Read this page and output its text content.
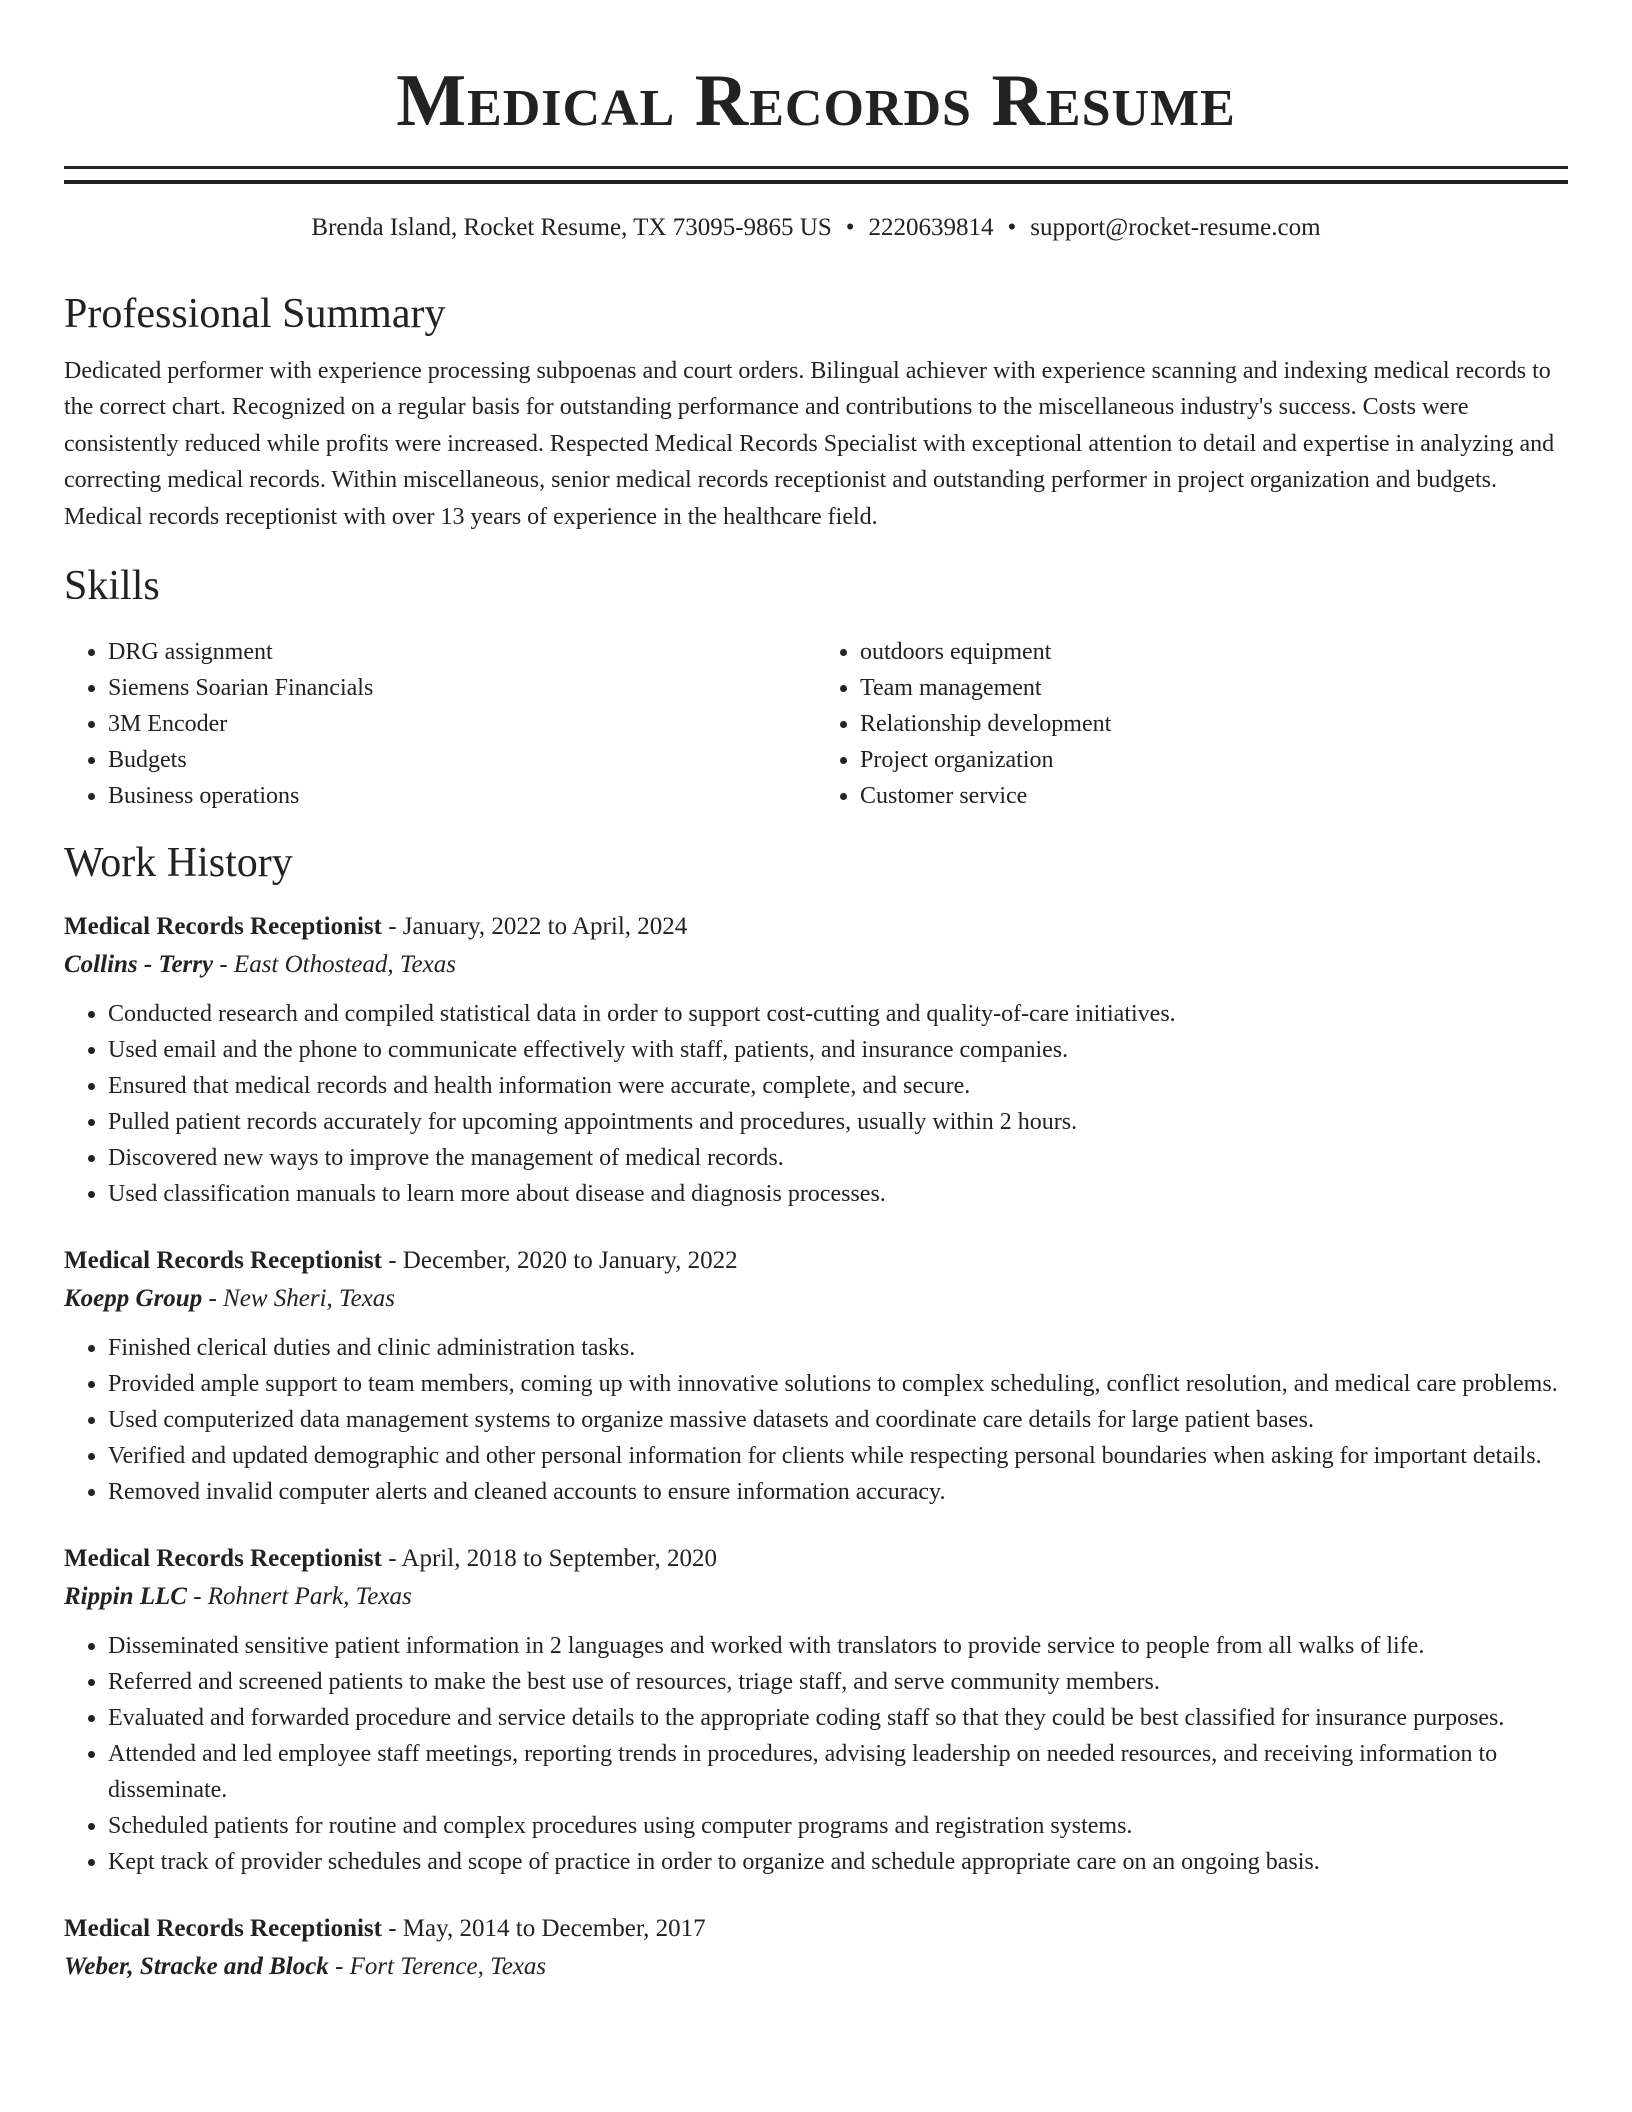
Medical Records Resume
Brenda Island, Rocket Resume, TX 73095-9865 US • 2220639814 • support@rocket-resume.com
Professional Summary

Dedicated performer with experience processing subpoenas and court orders. Bilingual achiever with experience scanning and indexing medical records to the correct chart. Recognized on a regular basis for outstanding performance and contributions to the miscellaneous industry's success. Costs were consistently reduced while profits were increased. Respected Medical Records Specialist with exceptional attention to detail and expertise in analyzing and correcting medical records. Within miscellaneous, senior medical records receptionist and outstanding performer in project organization and budgets. Medical records receptionist with over 13 years of experience in the healthcare field.

Skills
• DRG assignment
• Siemens Soarian Financials
• 3M Encoder
• Budgets
• Business operations
• outdoors equipment
• Team management
• Relationship development
• Project organization
• Customer service
Work History
Medical Records Receptionist - January, 2022 to April, 2024
Collins - Terry - East Othostead, Texas
• Conducted research and compiled statistical data in order to support cost-cutting and quality-of-care initiatives.
• Used email and the phone to communicate effectively with staff, patients, and insurance companies.
• Ensured that medical records and health information were accurate, complete, and secure.
• Pulled patient records accurately for upcoming appointments and procedures, usually within 2 hours.
• Discovered new ways to improve the management of medical records.
• Used classification manuals to learn more about disease and diagnosis processes.
Medical Records Receptionist - December, 2020 to January, 2022
Koepp Group - New Sheri, Texas
• Finished clerical duties and clinic administration tasks.
• Provided ample support to team members, coming up with innovative solutions to complex scheduling, conflict resolution, and medical care problems.
• Used computerized data management systems to organize massive datasets and coordinate care details for large patient bases.
• Verified and updated demographic and other personal information for clients while respecting personal boundaries when asking for important details.
• Removed invalid computer alerts and cleaned accounts to ensure information accuracy.
Medical Records Receptionist - April, 2018 to September, 2020
Rippin LLC - Rohnert Park, Texas
• Disseminated sensitive patient information in 2 languages and worked with translators to provide service to people from all walks of life.
• Referred and screened patients to make the best use of resources, triage staff, and serve community members.
• Evaluated and forwarded procedure and service details to the appropriate coding staff so that they could be best classified for insurance purposes.
• Attended and led employee staff meetings, reporting trends in procedures, advising leadership on needed resources, and receiving information to disseminate.
• Scheduled patients for routine and complex procedures using computer programs and registration systems.
• Kept track of provider schedules and scope of practice in order to organize and schedule appropriate care on an ongoing basis.
Medical Records Receptionist - May, 2014 to December, 2017
Weber, Stracke and Block - Fort Terence, Texas
